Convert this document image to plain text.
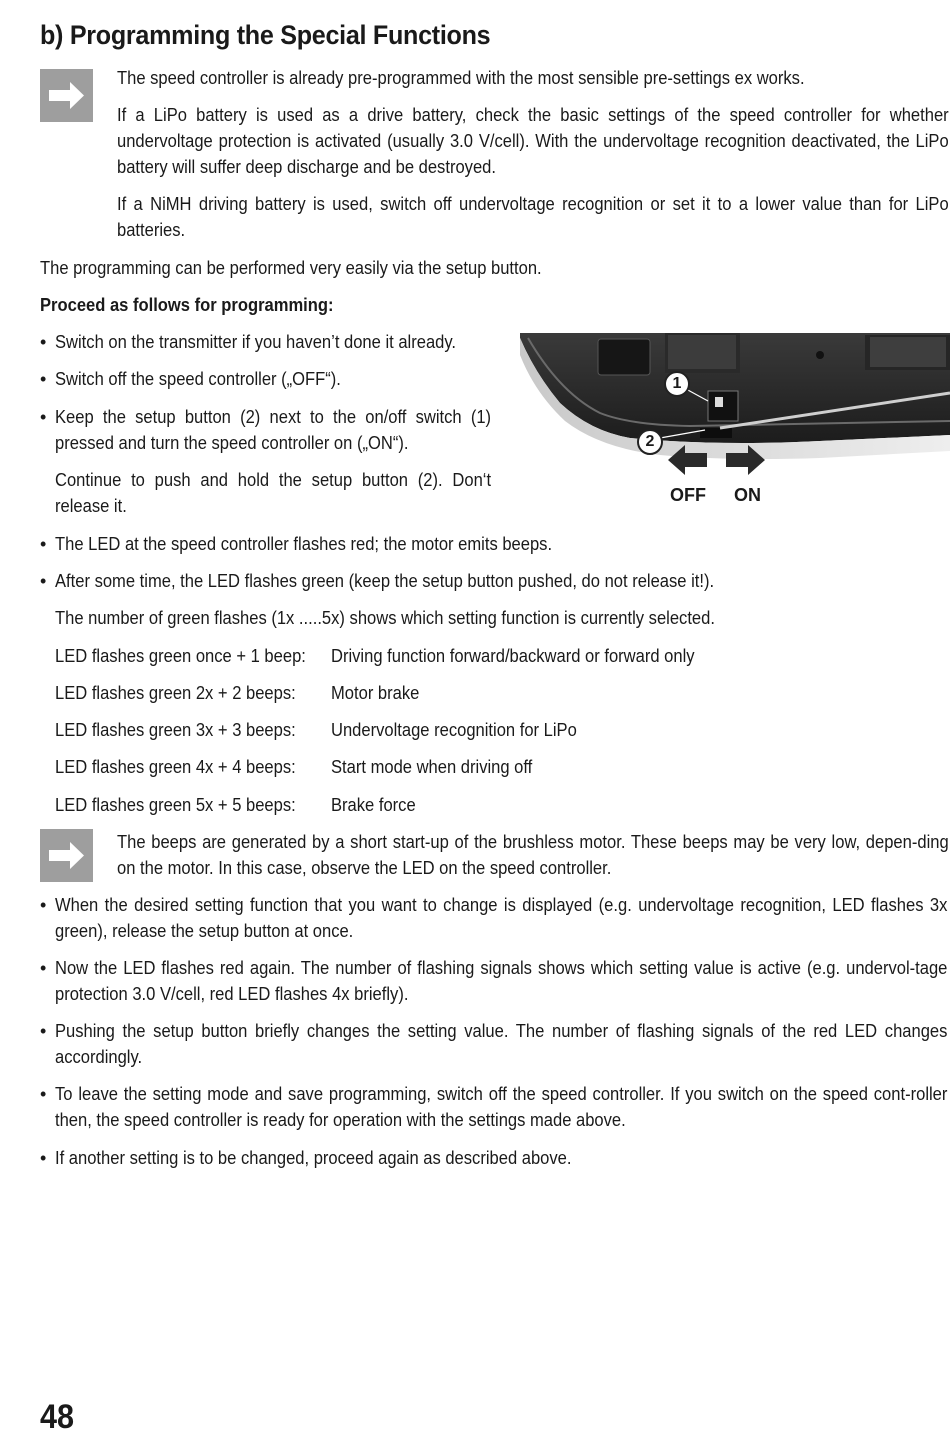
b) Programming the Special Functions
The speed controller is already pre-programmed with the most sensible pre-settings ex works.
If a LiPo battery is used as a drive battery, check the basic settings of the speed controller for whether undervoltage protection is activated (usually 3.0 V/cell). With the undervoltage recognition deactivated, the LiPo battery will suffer deep discharge and be destroyed.
If a NiMH driving battery is used, switch off undervoltage recognition or set it to a lower value than for LiPo batteries.
The programming can be performed very easily via the setup button.
Proceed as follows for programming:
• Switch on the transmitter if you haven’t done it already.
• Switch off the speed controller („OFF“).
• Keep the setup button (2) next to the on/off switch (1) pressed and turn the speed controller on („ON“).
Continue to push and hold the setup button (2). Don‘t release it.
1
2
OFF ON
• The LED at the speed controller flashes red; the motor emits beeps.
• After some time, the LED flashes green (keep the setup button pushed, do not release it!).
The number of green flashes (1x .....5x) shows which setting function is currently selected.
LED flashes green once + 1 beep: Driving function forward/backward or forward only
LED flashes green 2x + 2 beeps: Motor brake
LED flashes green 3x + 3 beeps: Undervoltage recognition for LiPo
LED flashes green 4x + 4 beeps: Start mode when driving off
LED flashes green 5x + 5 beeps: Brake force
The beeps are generated by a short start-up of the brushless motor. These beeps may be very low, depen-ding on the motor. In this case, observe the LED on the speed controller.
• When the desired setting function that you want to change is displayed (e.g. undervoltage recognition, LED flashes 3x green), release the setup button at once.
• Now the LED flashes red again. The number of flashing signals shows which setting value is active (e.g. undervol-tage protection 3.0 V/cell, red LED flashes 4x briefly).
• Pushing the setup button briefly changes the setting value. The number of flashing signals of the red LED changes accordingly.
• To leave the setting mode and save programming, switch off the speed controller. If you switch on the speed cont-roller then, the speed controller is ready for operation with the settings made above.
• If another setting is to be changed, proceed again as described above.
48
